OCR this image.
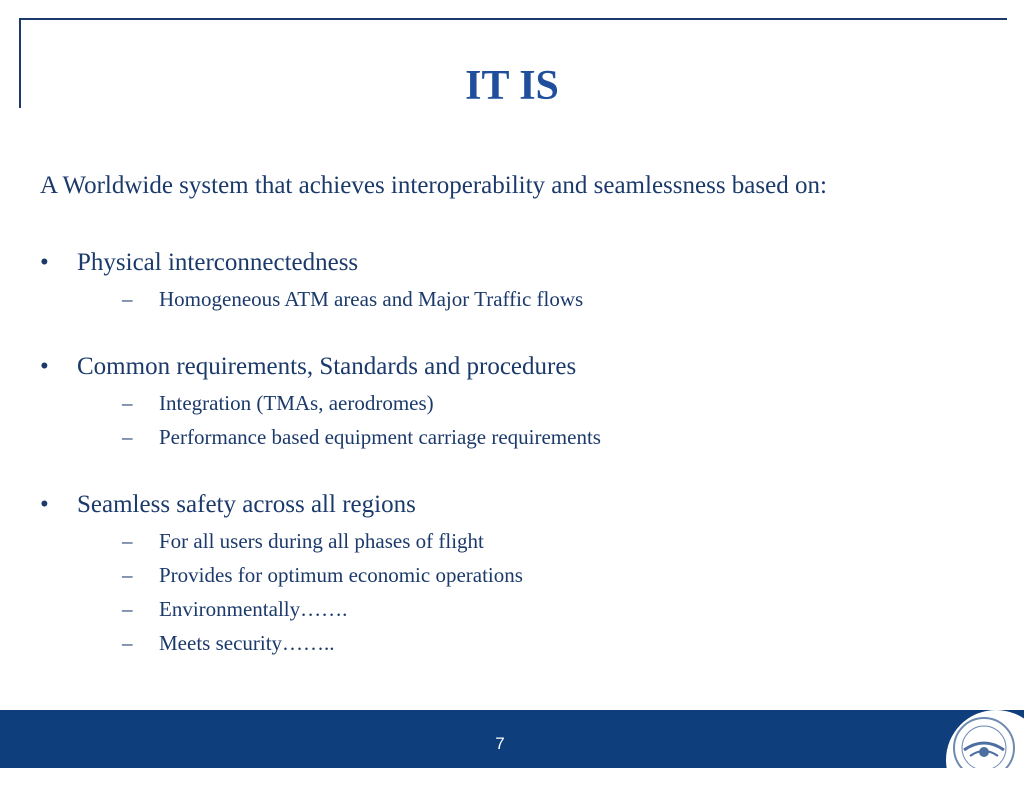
IT IS

A Worldwide system that achieves interoperability and seamlessness based on:

• Physical interconnectedness
– Homogeneous ATM areas and Major Traffic flows
• Common requirements, Standards and procedures
– Integration (TMAs, aerodromes)
– Performance based equipment carriage requirements
• Seamless safety across all regions
– For all users during all phases of flight
– Provides for optimum economic operations
– Environmentally…….
– Meets security……..
7
